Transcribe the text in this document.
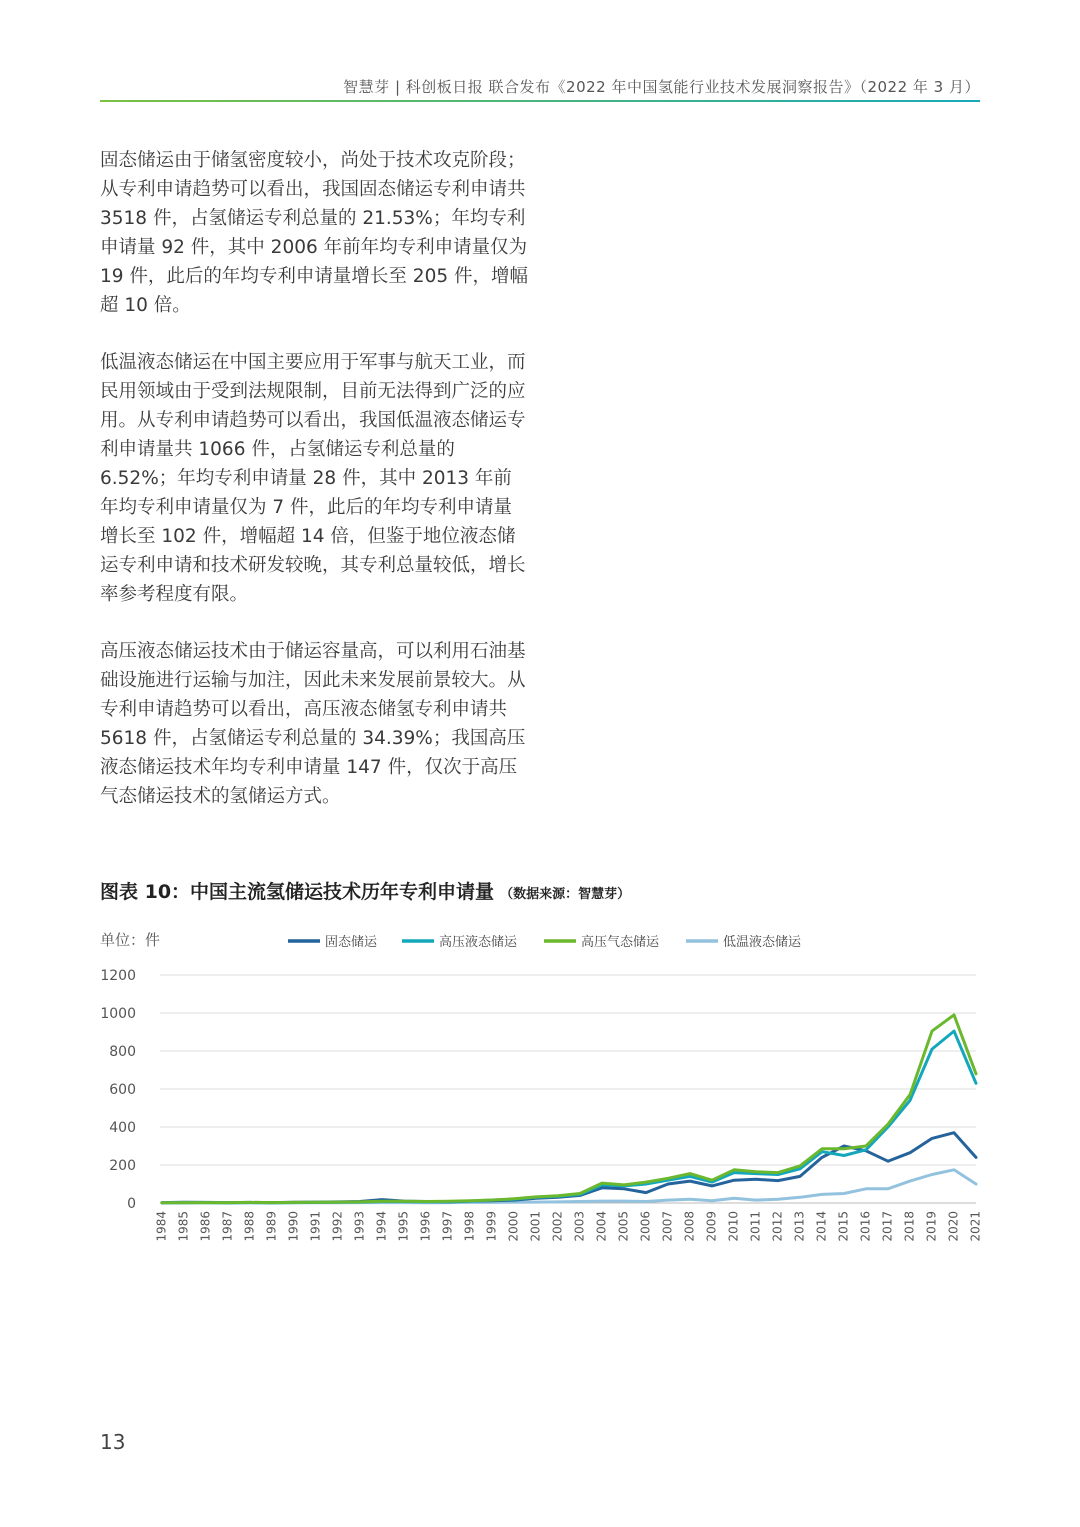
智慧芽 | 科创板日报 联合发布《2022 年中国氢能行业技术发展洞察报告》（2022 年 3 月）

固态储运由于储氢密度较小，尚处于技术攻克阶段；从专利申请趋势可以看出，我国固态储运专利申请共 3518 件，占氢储运专利总量的 21.53%；年均专利申请量 92 件，其中 2006 年前年均专利申请量仅为 19 件，此后的年均专利申请量增长至 205 件，增幅超 10 倍。

低温液态储运在中国主要应用于军事与航天工业，而民用领域由于受到法规限制，目前无法得到广泛的应用。从专利申请趋势可以看出，我国低温液态储运专利申请量共 1066 件，占氢储运专利总量的 6.52%；年均专利申请量 28 件，其中 2013 年前年均专利申请量仅为 7 件，此后的年均专利申请量增长至 102 件，增幅超 14 倍，但鉴于地位液态储运专利申请和技术研发较晚，其专利总量较低，增长率参考程度有限。

高压液态储运技术由于储运容量高，可以利用石油基础设施进行运输与加注，因此未来发展前景较大。从专利申请趋势可以看出，高压液态储氢专利申请共 5618 件，占氢储运专利总量的 34.39%；我国高压液态储运技术年均专利申请量 147 件，仅次于高压气态储运技术的氢储运方式。

图表 10：中国主流氢储运技术历年专利申请量 （数据来源：智慧芽）
单位：件
0
200
400
600
800
1000
1200
1984 1985 1986 1987 1988 1989 1990 1991 1992 1993 1994 1995 1996 1997 1998 1999 2000 2001 2002 2003 2004 2005 2006 2007 2008 2009 2010 2011 2012 2013 2014 2015 2016 2017 2018 2019 2020 2021
固态储运	高压液态储运	高压气态储运	低温液态储运
13
